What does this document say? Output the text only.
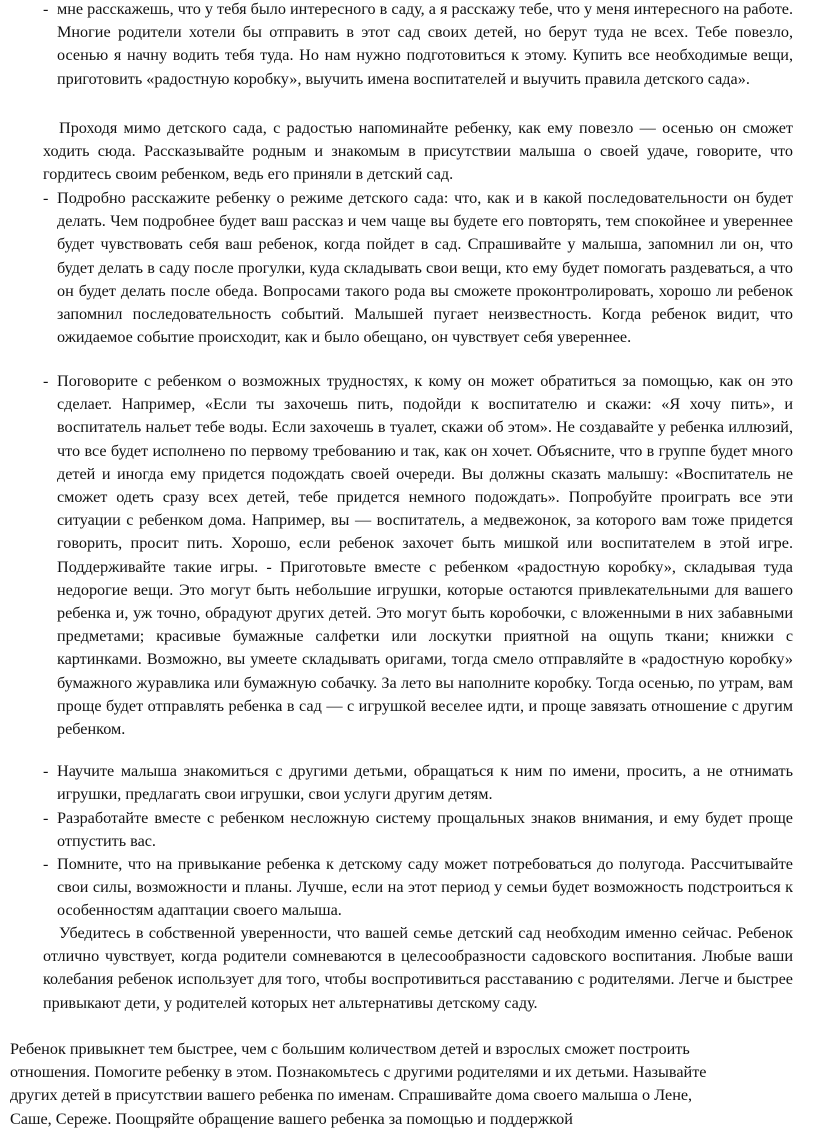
- мне расскажешь, что у тебя было интересного в саду, а я расскажу тебе, что у меня интересного на работе. Многие родители хотели бы отправить в этот сад своих детей, но берут туда не всех. Тебе повезло, осенью я начну водить тебя туда. Но нам нужно подготовиться к этому. Купить все необходимые вещи, приготовить «радостную коробку», выучить имена воспитателей и выучить правила детского сада».
Проходя мимо детского сада, с радостью напоминайте ребенку, как ему повезло — осенью он сможет ходить сюда. Рассказывайте родным и знакомым в присутствии малыша о своей удаче, говорите, что гордитесь своим ребенком, ведь его приняли в детский сад.
- Подробно расскажите ребенку о режиме детского сада: что, как и в какой последовательности он будет делать. Чем подробнее будет ваш рассказ и чем чаще вы будете его повторять, тем спокойнее и увереннее будет чувствовать себя ваш ребенок, когда пойдет в сад. Спрашивайте у малыша, запомнил ли он, что будет делать в саду после прогулки, куда складывать свои вещи, кто ему будет помогать раздеваться, а что он будет делать после обеда. Вопросами такого рода вы сможете проконтролировать, хорошо ли ребенок запомнил последовательность событий. Малышей пугает неизвестность. Когда ребенок видит, что ожидаемое событие происходит, как и было обещано, он чувствует себя увереннее.
- Поговорите с ребенком о возможных трудностях, к кому он может обратиться за помощью, как он это сделает. Например, «Если ты захочешь пить, подойди к воспитателю и скажи: «Я хочу пить», и воспитатель нальет тебе воды. Если захочешь в туалет, скажи об этом». Не создавайте у ребенка иллюзий, что все будет исполнено по первому требованию и так, как он хочет. Объясните, что в группе будет много детей и иногда ему придется подождать своей очереди. Вы должны сказать малышу: «Воспитатель не сможет одеть сразу всех детей, тебе придется немного подождать». Попробуйте проиграть все эти ситуации с ребенком дома. Например, вы — воспитатель, а медвежонок, за которого вам тоже придется говорить, просит пить. Хорошо, если ребенок захочет быть мишкой или воспитателем в этой игре. Поддерживайте такие игры. - Приготовьте вместе с ребенком «радостную коробку», складывая туда недорогие вещи. Это могут быть небольшие игрушки, которые остаются привлекательными для вашего ребенка и, уж точно, обрадуют других детей. Это могут быть коробочки, с вложенными в них забавными предметами; красивые бумажные салфетки или лоскутки приятной на ощупь ткани; книжки с картинками. Возможно, вы умеете складывать оригами, тогда смело отправляйте в «радостную коробку» бумажного журавлика или бумажную собачку. За лето вы наполните коробку. Тогда осенью, по утрам, вам проще будет отправлять ребенка в сад — с игрушкой веселее идти, и проще завязать отношение с другим ребенком.
- Научите малыша знакомиться с другими детьми, обращаться к ним по имени, просить, а не отнимать игрушки, предлагать свои игрушки, свои услуги другим детям.
- Разработайте вместе с ребенком несложную систему прощальных знаков внимания, и ему будет проще отпустить вас.
- Помните, что на привыкание ребенка к детскому саду может потребоваться до полугода. Рассчитывайте свои силы, возможности и планы. Лучше, если на этот период у семьи будет возможность подстроиться к особенностям адаптации своего малыша.
Убедитесь в собственной уверенности, что вашей семье детский сад необходим именно сейчас. Ребенок отлично чувствует, когда родители сомневаются в целесообразности садовского воспитания. Любые ваши колебания ребенок использует для того, чтобы воспротивиться расставанию с родителями. Легче и быстрее привыкают дети, у родителей которых нет альтернативы детскому саду.
Ребенок привыкнет тем быстрее, чем с большим количеством детей и взрослых сможет построить
отношения. Помогите ребенку в этом. Познакомьтесь с другими родителями и их детьми. Называйте
других детей в присутствии вашего ребенка по именам. Спрашивайте дома своего малыша о Лене,
Саше, Сереже. Поощряйте обращение вашего ребенка за помощью и поддержкой
